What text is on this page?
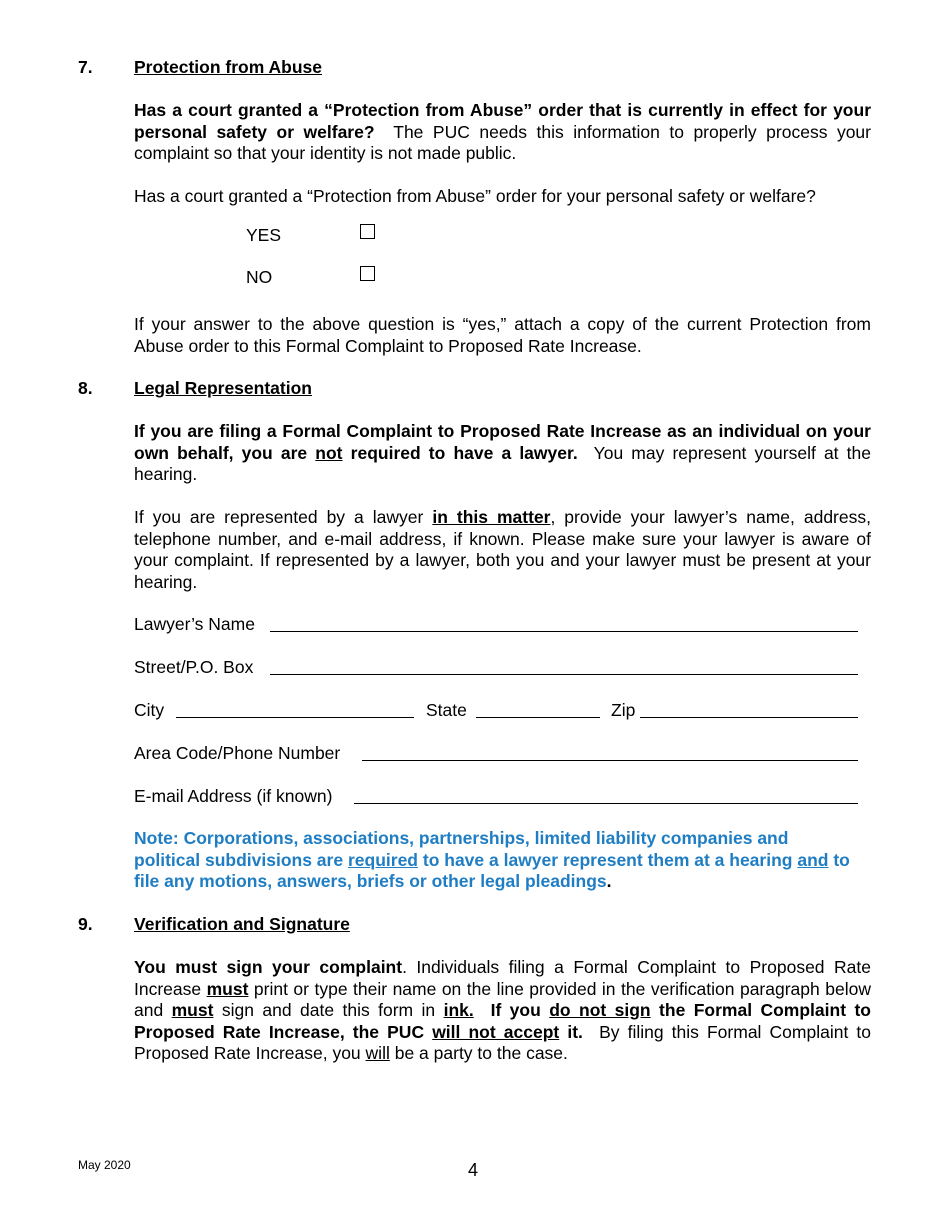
7. Protection from Abuse
Has a court granted a “Protection from Abuse” order that is currently in effect for your personal safety or welfare? The PUC needs this information to properly process your complaint so that your identity is not made public.
Has a court granted a “Protection from Abuse” order for your personal safety or welfare?
YES
NO
If your answer to the above question is “yes,” attach a copy of the current Protection from Abuse order to this Formal Complaint to Proposed Rate Increase.
8. Legal Representation
If you are filing a Formal Complaint to Proposed Rate Increase as an individual on your own behalf, you are not required to have a lawyer. You may represent yourself at the hearing.
If you are represented by a lawyer in this matter, provide your lawyer’s name, address, telephone number, and e-mail address, if known. Please make sure your lawyer is aware of your complaint. If represented by a lawyer, both you and your lawyer must be present at your hearing.
Lawyer’s Name
Street/P.O. Box
City	State	Zip
Area Code/Phone Number
E-mail Address (if known)
Note: Corporations, associations, partnerships, limited liability companies and political subdivisions are required to have a lawyer represent them at a hearing and to file any motions, answers, briefs or other legal pleadings.
9. Verification and Signature
You must sign your complaint. Individuals filing a Formal Complaint to Proposed Rate Increase must print or type their name on the line provided in the verification paragraph below and must sign and date this form in ink. If you do not sign the Formal Complaint to Proposed Rate Increase, the PUC will not accept it. By filing this Formal Complaint to Proposed Rate Increase, you will be a party to the case.
May 2020	4
